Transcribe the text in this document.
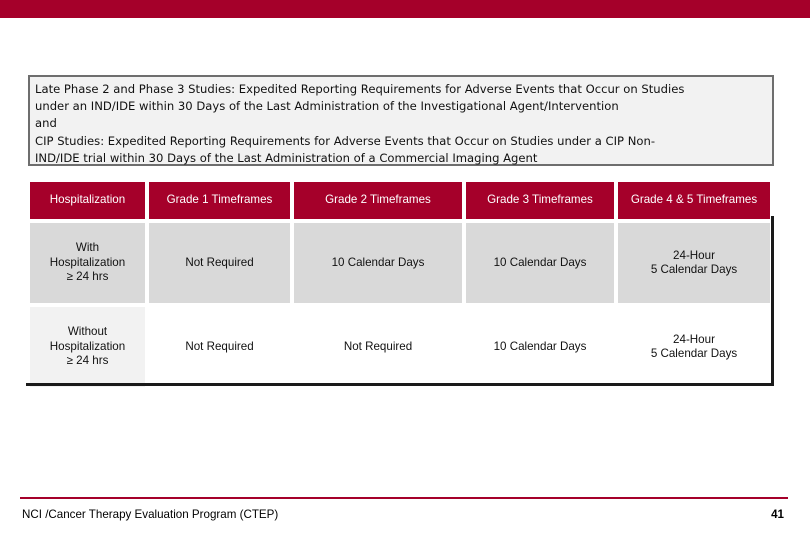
Late Phase 2 and Phase 3 Studies: Expedited Reporting Requirements for Adverse Events that Occur on Studies
under an IND/IDE within 30 Days of the Last Administration of the Investigational Agent/Intervention
and
CIP Studies: Expedited Reporting Requirements for Adverse Events that Occur on Studies under a CIP Non-
IND/IDE trial within 30 Days of the Last Administration of a Commercial Imaging Agent
Hospitalization	Grade 1 Timeframes	Grade 2 Timeframes	Grade 3 Timeframes	Grade 4 & 5 Timeframes

With
Hospitalization
≥ 24 hrs	Not Required	10 Calendar Days	10 Calendar Days	24-Hour
5 Calendar Days

Without
Hospitalization
≥ 24 hrs	Not Required	Not Required	10 Calendar Days	24-Hour
5 Calendar Days
NCI /Cancer Therapy Evaluation Program (CTEP)	41
